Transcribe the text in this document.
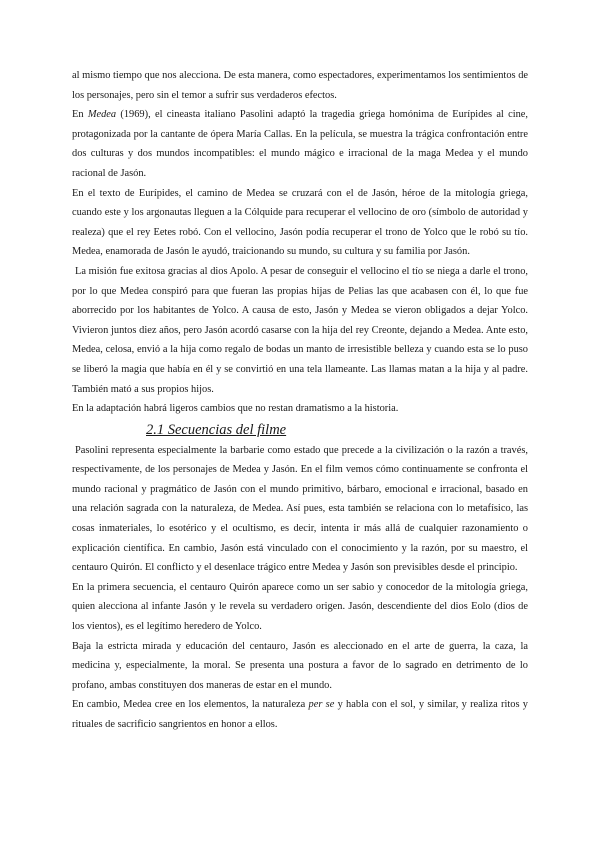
al mismo tiempo que nos alecciona. De esta manera, como espectadores, experimentamos los sentimientos de los personajes, pero sin el temor a sufrir sus verdaderos efectos.

En Medea (1969), el cineasta italiano Pasolini adaptó la tragedia griega homónima de Eurípides al cine, protagonizada por la cantante de ópera María Callas. En la película, se muestra la trágica confrontación entre dos culturas y dos mundos incompatibles: el mundo mágico e irracional de la maga Medea y el mundo racional de Jasón.

En el texto de Eurípides, el camino de Medea se cruzará con el de Jasón, héroe de la mitología griega, cuando este y los argonautas lleguen a la Cólquide para recuperar el vellocino de oro (símbolo de autoridad y realeza) que el rey Eetes robó. Con el vellocino, Jasón podía recuperar el trono de Yolco que le robó su tío. Medea, enamorada de Jasón le ayudó, traicionando su mundo, su cultura y su familia por Jasón.

La misión fue exitosa gracias al dios Apolo. A pesar de conseguir el vellocino el tío se niega a darle el trono, por lo que Medea conspiró para que fueran las propias hijas de Pelias las que acabasen con él, lo que fue aborrecido por los habitantes de Yolco. A causa de esto, Jasón y Medea se vieron obligados a dejar Yolco. Vivieron juntos diez años, pero Jasón acordó casarse con la hija del rey Creonte, dejando a Medea. Ante esto, Medea, celosa, envió a la hija como regalo de bodas un manto de irresistible belleza y cuando esta se lo puso se liberó la magia que había en él y se convirtió en una tela llameante. Las llamas matan a la hija y al padre. También mató a sus propios hijos.

En la adaptación habrá ligeros cambios que no restan dramatismo a la historia.

2.1 Secuencias del filme

Pasolini representa especialmente la barbarie como estado que precede a la civilización o la razón a través, respectivamente, de los personajes de Medea y Jasón. En el film vemos cómo continuamente se confronta el mundo racional y pragmático de Jasón con el mundo primitivo, bárbaro, emocional e irracional, basado en una relación sagrada con la naturaleza, de Medea. Así pues, esta también se relaciona con lo metafísico, las cosas inmateriales, lo esotérico y el ocultismo, es decir, intenta ir más allá de cualquier razonamiento o explicación científica. En cambio, Jasón está vinculado con el conocimiento y la razón, por su maestro, el centauro Quirón. El conflicto y el desenlace trágico entre Medea y Jasón son previsibles desde el principio.

En la primera secuencia, el centauro Quirón aparece como un ser sabio y conocedor de la mitología griega, quien alecciona al infante Jasón y le revela su verdadero origen. Jasón, descendiente del dios Eolo (dios de los vientos), es el legítimo heredero de Yolco.

Baja la estricta mirada y educación del centauro, Jasón es aleccionado en el arte de guerra, la caza, la medicina y, especialmente, la moral. Se presenta una postura a favor de lo sagrado en detrimento de lo profano, ambas constituyen dos maneras de estar en el mundo.

En cambio, Medea cree en los elementos, la naturaleza per se y habla con el sol, y similar, y realiza ritos y rituales de sacrificio sangrientos en honor a ellos.
